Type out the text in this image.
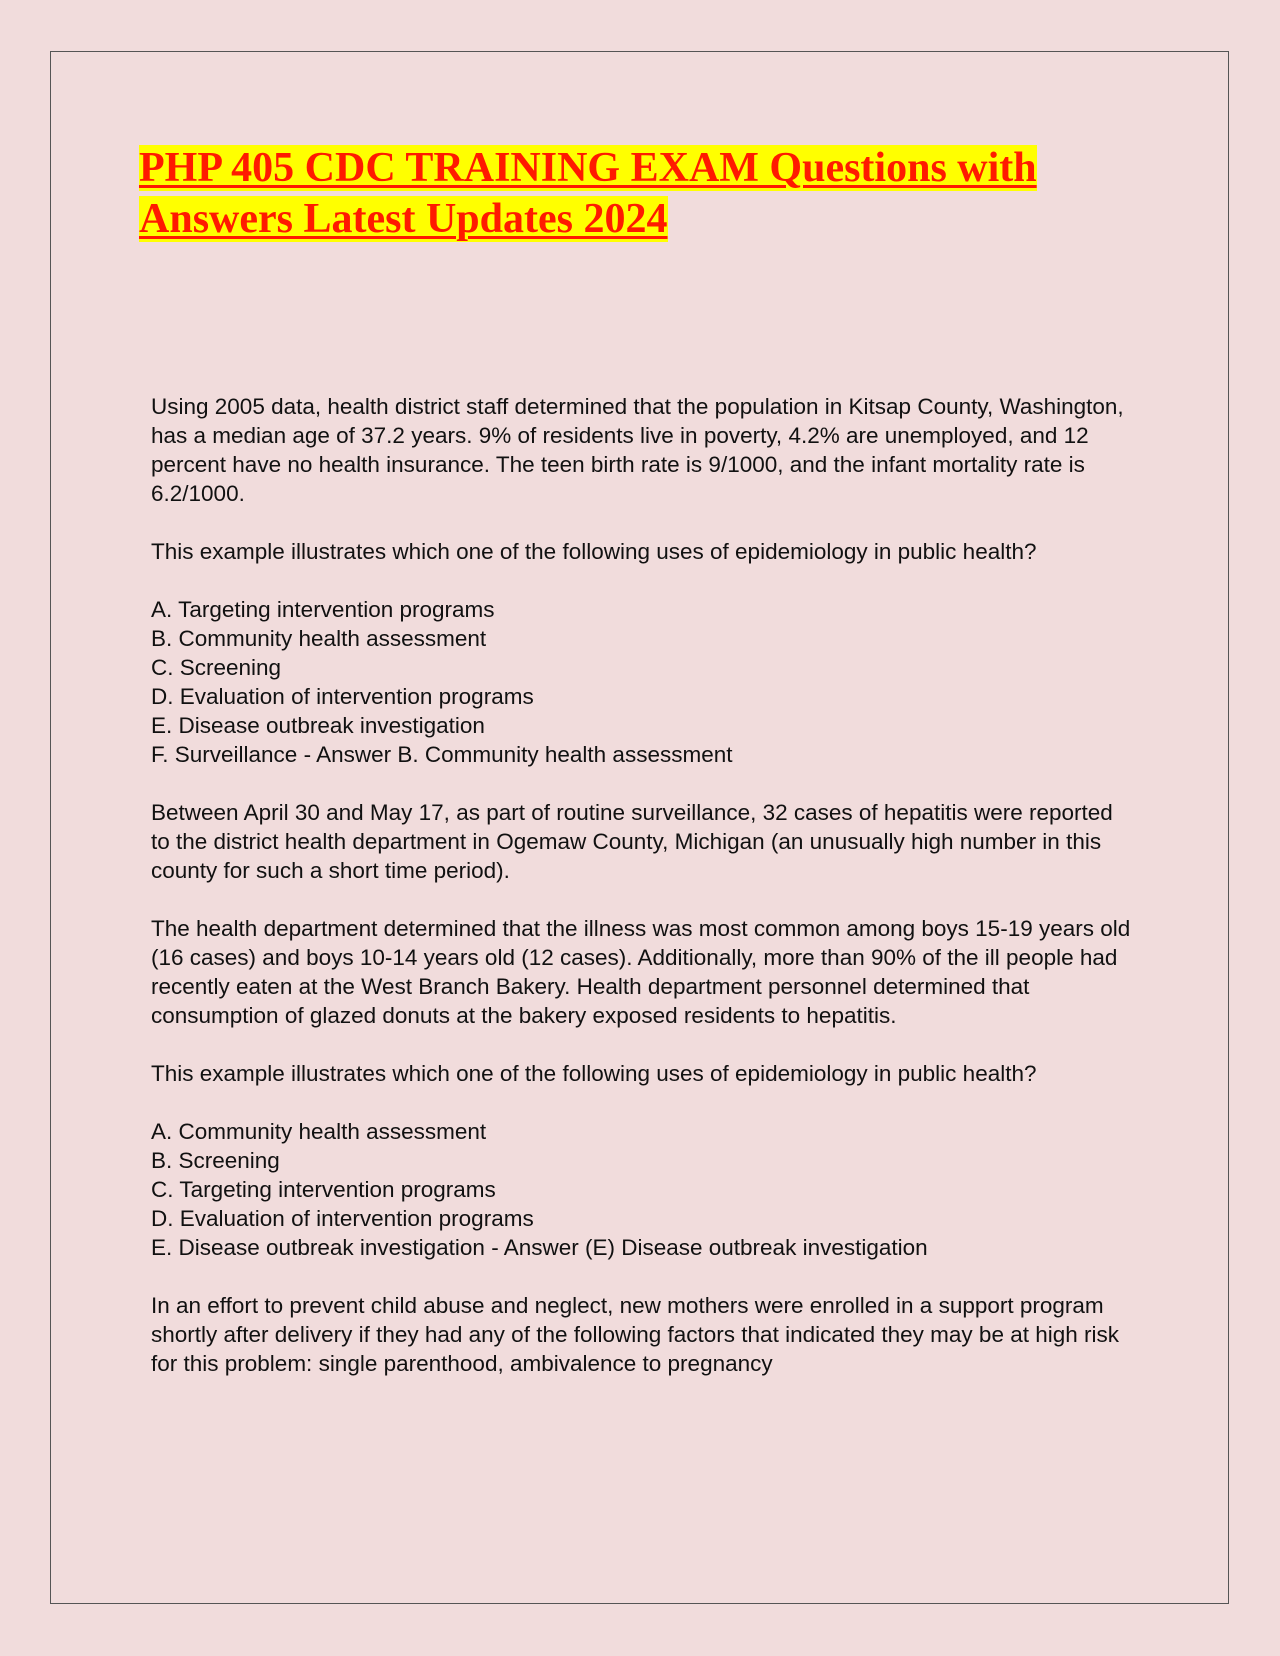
PHP 405 CDC TRAINING EXAM Questions with Answers Latest Updates 2024

Using 2005 data, health district staff determined that the population in Kitsap County, Washington, has a median age of 37.2 years. 9% of residents live in poverty, 4.2% are unemployed, and 12 percent have no health insurance. The teen birth rate is 9/1000, and the infant mortality rate is 6.2/1000.

This example illustrates which one of the following uses of epidemiology in public health?

A. Targeting intervention programs
B. Community health assessment
C. Screening
D. Evaluation of intervention programs
E. Disease outbreak investigation
F. Surveillance - Answer B. Community health assessment

Between April 30 and May 17, as part of routine surveillance, 32 cases of hepatitis were reported to the district health department in Ogemaw County, Michigan (an unusually high number in this county for such a short time period).

The health department determined that the illness was most common among boys 15-19 years old (16 cases) and boys 10-14 years old (12 cases). Additionally, more than 90% of the ill people had recently eaten at the West Branch Bakery. Health department personnel determined that consumption of glazed donuts at the bakery exposed residents to hepatitis.

This example illustrates which one of the following uses of epidemiology in public health?

A. Community health assessment
B. Screening
C. Targeting intervention programs
D. Evaluation of intervention programs
E. Disease outbreak investigation - Answer (E) Disease outbreak investigation

In an effort to prevent child abuse and neglect, new mothers were enrolled in a support program shortly after delivery if they had any of the following factors that indicated they may be at high risk for this problem: single parenthood, ambivalence to pregnancy
